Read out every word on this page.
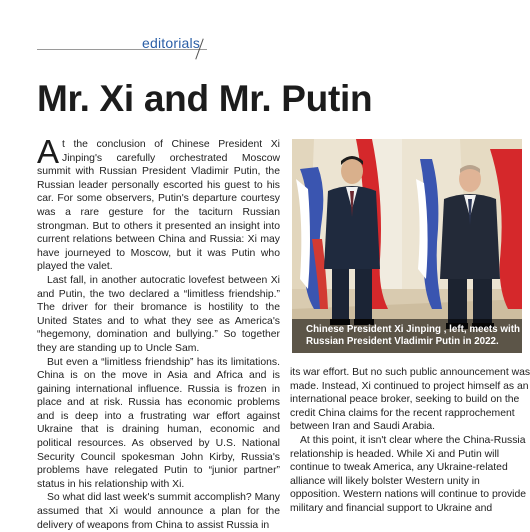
editorials
Mr. Xi and Mr. Putin

At the conclusion of Chinese President Xi Jinping's carefully orchestrated Moscow summit with Russian President Vladimir Putin, the Russian leader personally escorted his guest to his car. For some observers, Putin's departure courtesy was a rare gesture for the taciturn Russian strongman. But to others it presented an insight into current relations between China and Russia: Xi may have journeyed to Moscow, but it was Putin who played the valet.

Last fall, in another autocratic lovefest between Xi and Putin, the two declared a “limitless friendship.” The driver for their bromance is hostility to the United States and to what they see as America's “hegemony, domination and bullying.” So together they are standing up to Uncle Sam.

But even a “limitless friendship” has its limitations. China is on the move in Asia and Africa and is gaining international influence. Russia is frozen in place and at risk. Russia has economic problems and is deep into a frustrating war effort against Ukraine that is draining human, economic and political resources. As observed by U.S. National Security Council spokesman John Kirby, Russia's problems have relegated Putin to “junior partner” status in his relationship with Xi.

So what did last week's summit accomplish? Many assumed that Xi would announce a plan for the delivery of weapons from China to assist Russia in

Chinese President Xi Jinping , left, meets with
Russian President Vladimir Putin in 2022.

its war effort. But no such public announcement was

made. Instead, Xi continued to project himself as an

international peace broker, seeking to build on the

credit China claims for the recent rapprochement

between Iran and Saudi Arabia.

At this point, it isn't clear where the China-Russia

relationship is headed. While Xi and Putin will

continue to tweak America, any Ukraine-related

alliance will likely bolster Western unity in

opposition. Western nations will continue to provide

military and financial support to Ukraine and
